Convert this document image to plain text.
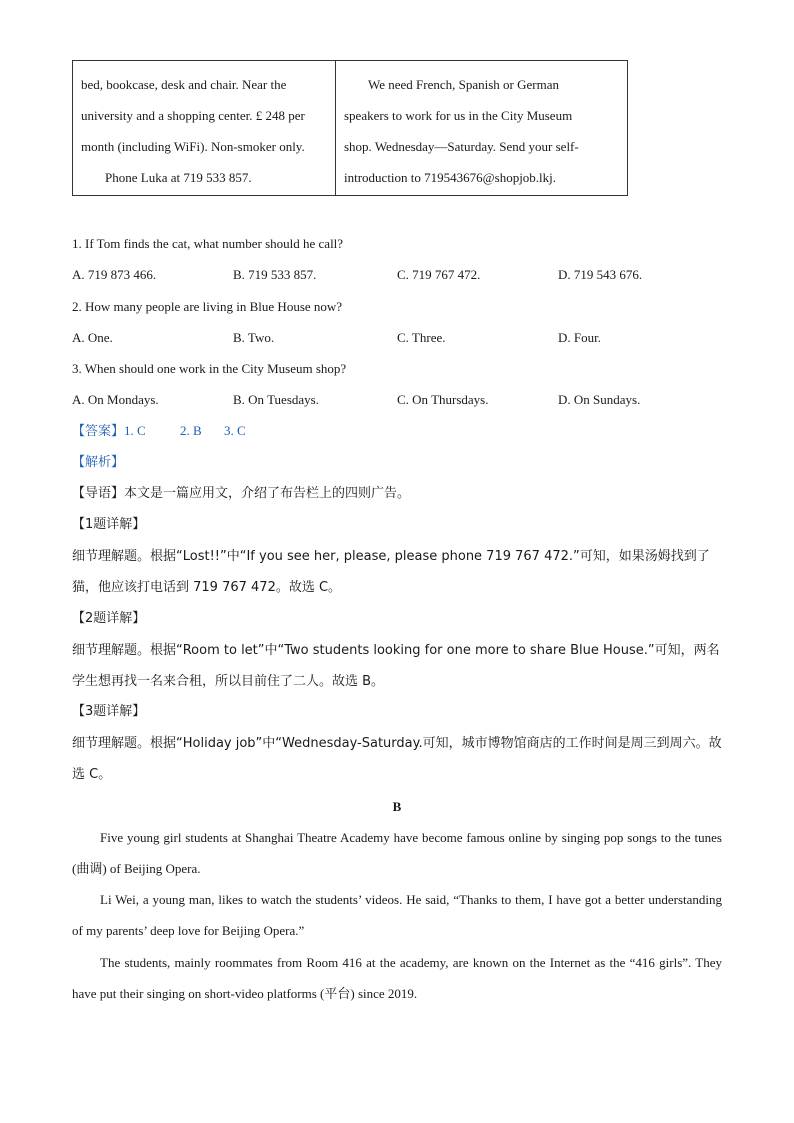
bed, bookcase, desk and chair. Near the
university and a shopping center. £ 248 per
month (including WiFi). Non-smoker only.

Phone Luka at 719 533 857.
We need French, Spanish or German
speakers to work for us in the City Museum
shop. Wednesday—Saturday. Send your self-
introduction to 719543676@shopjob.lkj.
1. If Tom finds the cat, what number should he call?
A. 719 873 466.	B. 719 533 857.	C. 719 767 472.	D. 719 543 676.
2. How many people are living in Blue House now?
A. One.	B. Two.	C. Three.	D. Four.
3. When should one work in the City Museum shop?
A. On Mondays.	B. On Tuesdays.	C. On Thursdays.	D. On Sundays.
【答案】1. C	2. B 3. C
【解析】
【导语】本文是一篇应用文，介绍了布告栏上的四则广告。
【1题详解】
细节理解题。根据“Lost!!”中“If you see her, please, please phone 719 767 472.”可知，如果汤姆找到了猫，他应该打电话到 719 767 472。故选 C。
【2题详解】
细节理解题。根据“Room to let”中“Two students looking for one more to share Blue House.”可知，两名学生想再找一名来合租，所以目前住了二人。故选 B。
【3题详解】
细节理解题。根据“Holiday job”中“Wednesday-Saturday.可知，城市博物馆商店的工作时间是周三到周六。故选 C。
B
Five young girl students at Shanghai Theatre Academy have become famous online by singing pop songs to the tunes (曲调) of Beijing Opera.
Li Wei, a young man, likes to watch the students’ videos. He said, “Thanks to them, I have got a better understanding of my parents’ deep love for Beijing Opera.”
The students, mainly roommates from Room 416 at the academy, are known on the Internet as the “416 girls”. They have put their singing on short-video platforms (平台) since 2019.
